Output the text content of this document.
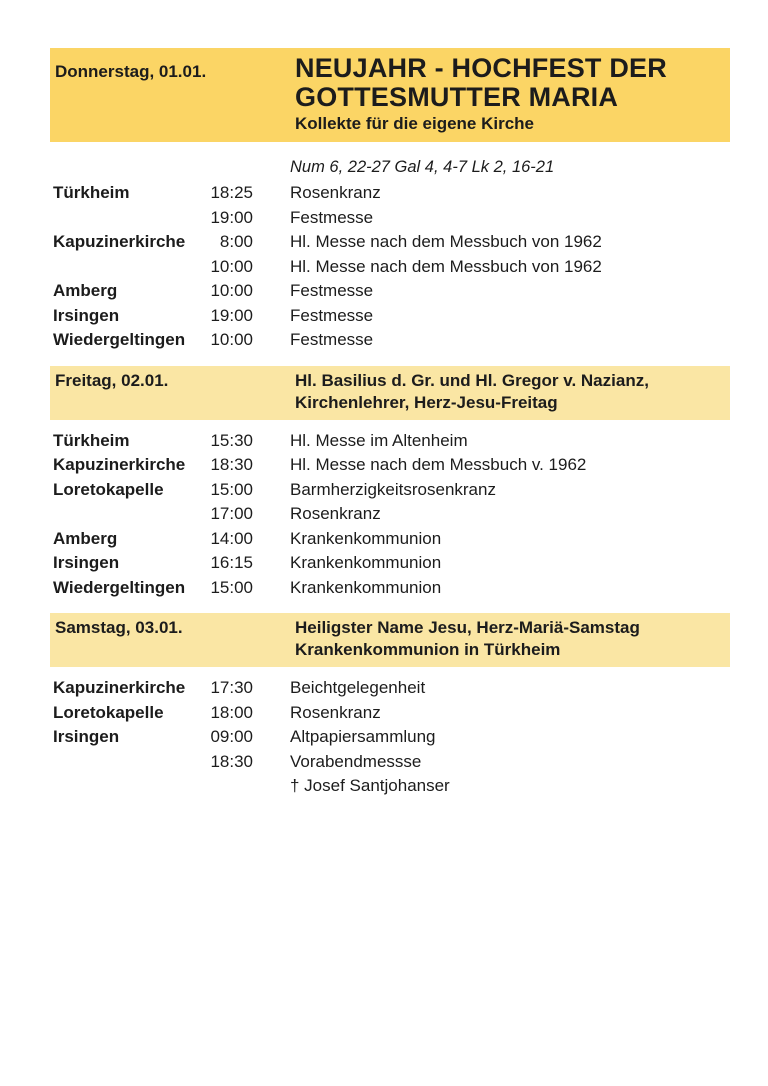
Donnerstag, 01.01.	NEUJAHR - HOCHFEST DER
GOTTESMUTTER MARIA
Kollekte für die eigene Kirche
Num 6, 22-27 Gal 4, 4-7 Lk 2, 16-21
Türkheim	18:25	Rosenkranz
19:00	Festmesse
Kapuzinerkirche	8:00	Hl. Messe nach dem Messbuch von 1962
10:00	Hl. Messe nach dem Messbuch von 1962
Amberg	10:00	Festmesse
Irsingen	19:00	Festmesse
Wiedergeltingen	10:00	Festmesse
Freitag, 02.01.	Hl. Basilius d. Gr. und Hl. Gregor v. Nazianz,
Kirchenlehrer, Herz-Jesu-Freitag
Türkheim	15:30	Hl. Messe im Altenheim
Kapuzinerkirche	18:30	Hl. Messe nach dem Messbuch v. 1962
Loretokapelle	15:00	Barmherzigkeitsrosenkranz
17:00	Rosenkranz
Amberg	14:00	Krankenkommunion
Irsingen	16:15	Krankenkommunion
Wiedergeltingen	15:00	Krankenkommunion
Samstag, 03.01.	Heiligster Name Jesu, Herz-Mariä-Samstag
Krankenkommunion in Türkheim
Kapuzinerkirche	17:30	Beichtgelegenheit
Loretokapelle	18:00	Rosenkranz
Irsingen	09:00	Altpapiersammlung
18:30	Vorabendmessse
† Josef Santjohanser
